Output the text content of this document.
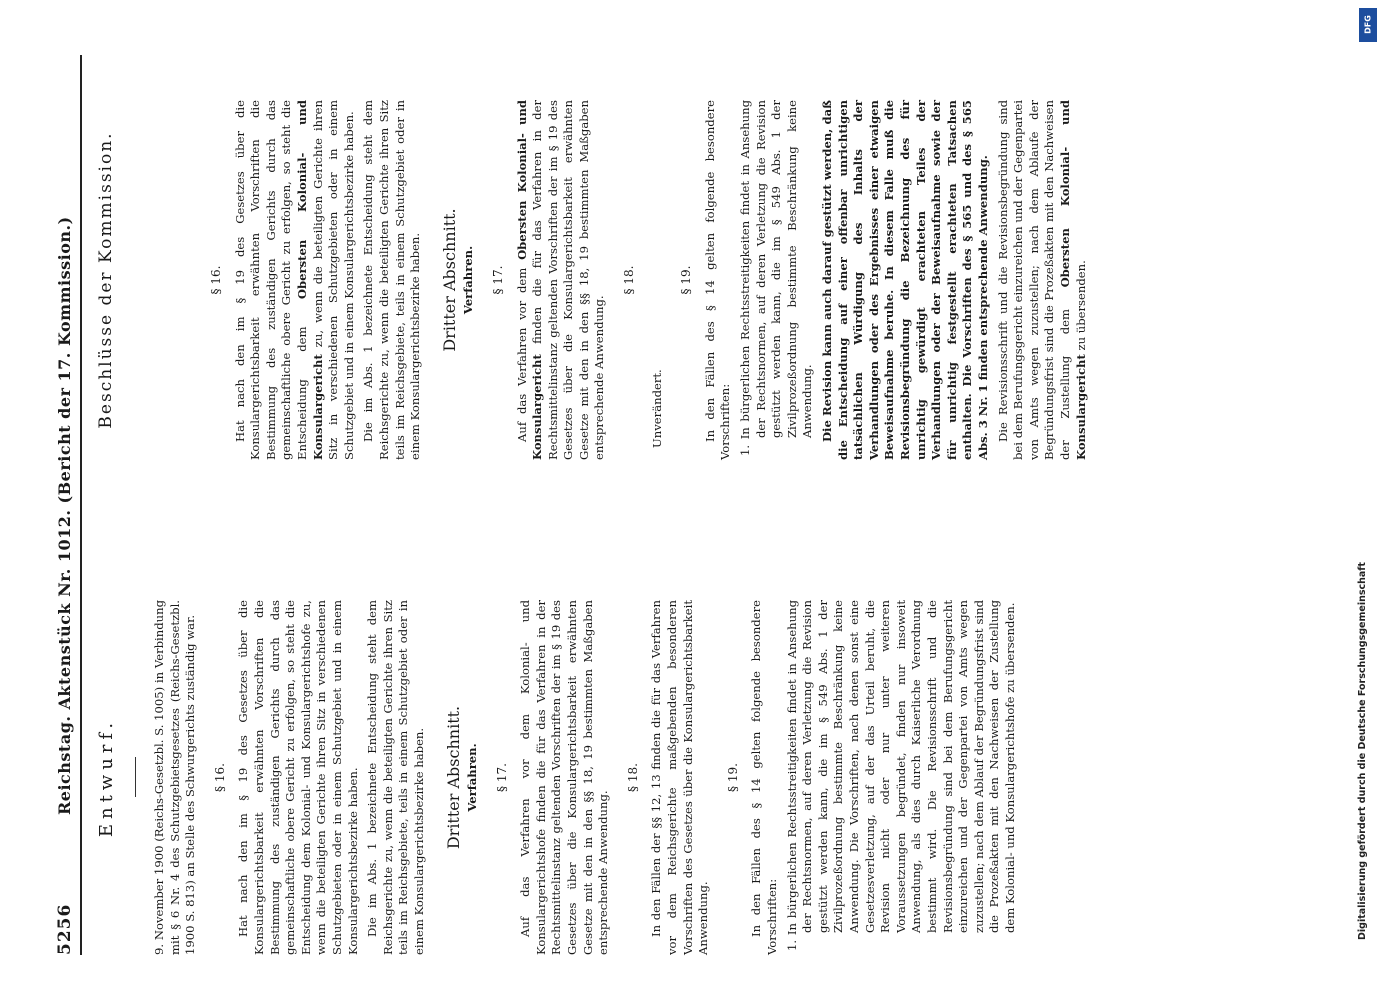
5256
Reichstag. Aktenstück Nr. 1012. (Bericht der 17. Kommission.) Entwurf.	9. November 1900 (Reichs-Gesetzbl. S. 1005) in Verbindung mit § 6 Nr. 4 des Schutzgebietsgesetzes (Reichs-Gesetzbl. 1900 S. 813) an Stelle des Schwurgerichts zuständig war. § 16. Hat nach den im § 19 des Gesetzes über die Konsulargerichtsbarkeit erwähnten Vorschriften die Bestimmung des zuständigen Gerichts durch das gemeinschaftliche obere Gericht zu erfolgen, so steht die Entscheidung dem Kolonial- und Konsulargerichtshofe zu, wenn die beteiligten Gerichte ihren Sitz in verschiedenen Schutzgebieten oder in einem Schutzgebiet und in einem Konsulargerichtsbezirke haben. Die im Abs. 1 bezeichnete Entscheidung steht dem Reichsgerichte zu, wenn die beteiligten Gerichte ihren Sitz teils im Reichsgebiete, teils in einem Schutzgebiet oder in einem Konsulargerichtsbezirke haben. Dritter Abschnitt. Verfahren. § 17. Auf das Verfahren vor dem Kolonial- und Konsulargerichtshofe finden die für das Verfahren in der Rechtsmittelinstanz geltenden Vorschriften der im § 19 des Gesetzes über die Konsulargerichtsbarkeit erwähnten Gesetze mit den in den §§ 18, 19 bestimmten Maßgaben entsprechende Anwendung.

§ 18. In den Fällen der §§ 12, 13 finden die für das Verfahren vor dem Reichsgerichte maßgebenden besonderen Vorschriften des Gesetzes über die Konsulargerichtsbarkeit Anwendung.

§ 19. In den Fällen des § 14 gelten folgende besondere Vorschriften: 1. In bürgerlichen Rechtsstreitigkeiten findet in Ansehung der Rechtsnormen, auf deren Verletzung die Revision gestützt werden kann, die im § 549 Abs. 1 der Zivilprozeßordnung bestimmte Beschränkung keine Anwendung. Die Vorschriften, nach denen sonst eine Gesetzesverletzung, auf der das Urteil beruht, die Revision nicht oder nur unter weiteren Voraussetzungen begründet, finden nur insoweit Anwendung, als dies durch Kaiserliche Verordnung bestimmt wird. Die Revisionsschrift und die Revisionsbegründung sind bei dem Berufungsgericht einzureichen und der Gegenpartei von Amts wegen zuzustellen; nach dem Ablauf der Begründungsfrist sind die Prozeßakten mit den Nachweisen der Zustellung dem Kolonial- und Konsulargerichtshofe zu übersenden.

Beschlüsse der Kommission.	§ 16. Hat nach den im § 19 des Gesetzes über die Konsulargerichtsbarkeit erwähnten Vorschriften die Bestimmung des zuständigen Gerichts durch das gemeinschaftliche obere Gericht zu erfolgen, so steht die Entscheidung dem Obersten Kolonial- und Konsulargericht zu, wenn die beteiligten Gerichte ihren Sitz in verschiedenen Schutzgebieten oder in einem Schutzgebiet und in einem Konsulargerichtsbezirke haben. Die im Abs. 1 bezeichnete Entscheidung steht dem Reichsgerichte zu, wenn die beteiligten Gerichte ihren Sitz teils im Reichsgebiete, teils in einem Schutzgebiet oder in einem Konsulargerichtsbezirke haben. Dritter Abschnitt. Verfahren. § 17. Auf das Verfahren vor dem Obersten Kolonial- und Konsulargericht finden die für das Verfahren in der Rechtsmittelinstanz geltenden Vorschriften der im § 19 des Gesetzes über die Konsulargerichtsbarkeit erwähnten Gesetze mit den in den §§ 18, 19 bestimmten Maßgaben entsprechende Anwendung.

§ 18.

Unverändert.

§ 19. In den Fällen des § 14 gelten folgende besondere Vorschriften: 1. In bürgerlichen Rechtsstreitigkeiten findet in Ansehung der Rechtsnormen, auf deren Verletzung die Revision gestützt werden kann, die im § 549 Abs. 1 der Zivilprozeßordnung bestimmte Beschränkung keine Anwendung. Die Revision kann auch darauf gestützt werden, daß die Entscheidung auf einer offenbar unrichtigen tatsächlichen Würdigung des Inhalts der Verhandlungen oder des Ergebnisses einer etwaigen Beweisaufnahme beruhe. In diesem Falle muß die Revisionsbegründung die Bezeichnung des für unrichtig gewürdigt erachteten Teiles der Verhandlungen oder der Beweisaufnahme sowie der für unrichtig festgestellt erachteten Tatsachen enthalten. Die Vorschriften des § 565 und des § 565 Abs. 3 Nr. 1 finden entsprechende Anwendung. Die Revisionsschrift und die Revisionsbegründung sind bei dem Berufungsgericht einzureichen und der Gegenpartei von Amts wegen zuzustellen; nach dem Ablaufe der Begründungsfrist sind die Prozeßakten mit den Nachweisen der Zustellung dem Obersten Kolonial- und Konsulargericht zu übersenden.

Digitalisierung gefördert durch die Deutsche Forschungsgemeinschaft
DFG
